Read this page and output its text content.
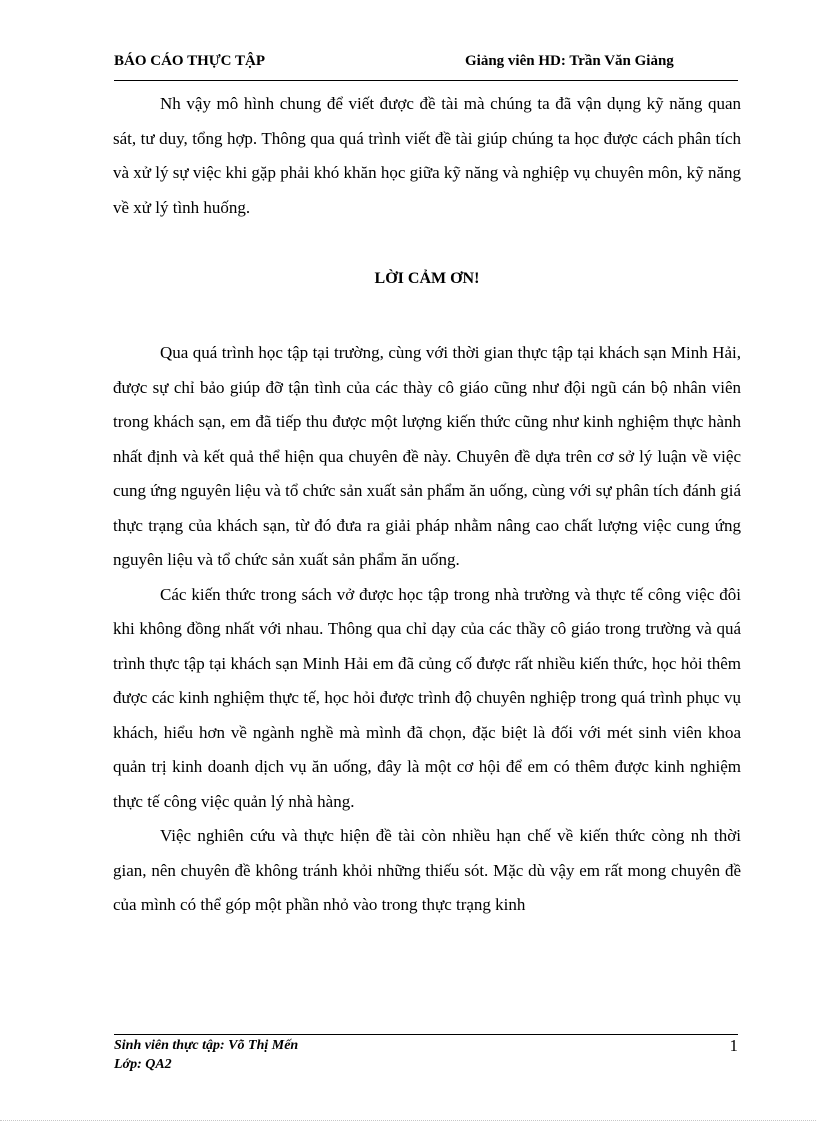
BÁO CÁO THỰC TẬP	Giảng viên HD: Trần Văn Giảng

Nh vậy mô hình chung để viết được đề tài mà chúng ta đã vận dụng kỹ năng quan sát, tư duy, tổng hợp. Thông qua quá trình viết đề tài giúp chúng ta học được cách phân tích và xử lý sự việc khi gặp phải khó khăn học giữa kỹ năng và nghiệp vụ chuyên môn, kỹ năng về xử lý tình huống.

LỜI CẢM ƠN!

Qua quá trình học tập tại trường, cùng với thời gian thực tập tại khách sạn Minh Hải, được sự chỉ bảo giúp đỡ tận tình của các thày cô giáo cũng như đội ngũ cán bộ nhân viên trong khách sạn, em đã tiếp thu được một lượng kiến thức cũng như kinh nghiệm thực hành nhất định và kết quả thể hiện qua chuyên đề này. Chuyên đề dựa trên cơ sở lý luận về việc cung ứng nguyên liệu và tổ chức sản xuất sản phẩm ăn uống, cùng với sự phân tích đánh giá thực trạng của khách sạn, từ đó đưa ra giải pháp nhằm nâng cao chất lượng việc cung ứng nguyên liệu và tổ chức sản xuất sản phẩm ăn uống.

Các kiến thức trong sách vở được học tập trong nhà trường và thực tế công việc đôi khi không đồng nhất với nhau. Thông qua chỉ dạy của các thầy cô giáo trong trường và quá trình thực tập tại khách sạn Minh Hải em đã củng cố được rất nhiều kiến thức, học hỏi thêm được các kinh nghiệm thực tế, học hỏi được trình độ chuyên nghiệp trong quá trình phục vụ khách, hiểu hơn về ngành nghề mà mình đã chọn, đặc biệt là đối với mét sinh viên khoa quản trị kinh doanh dịch vụ ăn uống, đây là một cơ hội để em có thêm được kinh nghiệm thực tế công việc quản lý nhà hàng.

Việc nghiên cứu và thực hiện đề tài còn nhiều hạn chế về kiến thức còng nh thời gian, nên chuyên đề không tránh khỏi những thiếu sót. Mặc dù vậy em rất mong chuyên đề của mình có thể góp một phần nhỏ vào trong thực trạng kinh

Sinh viên thực tập: Võ Thị Mến
Lớp: QA2
1
